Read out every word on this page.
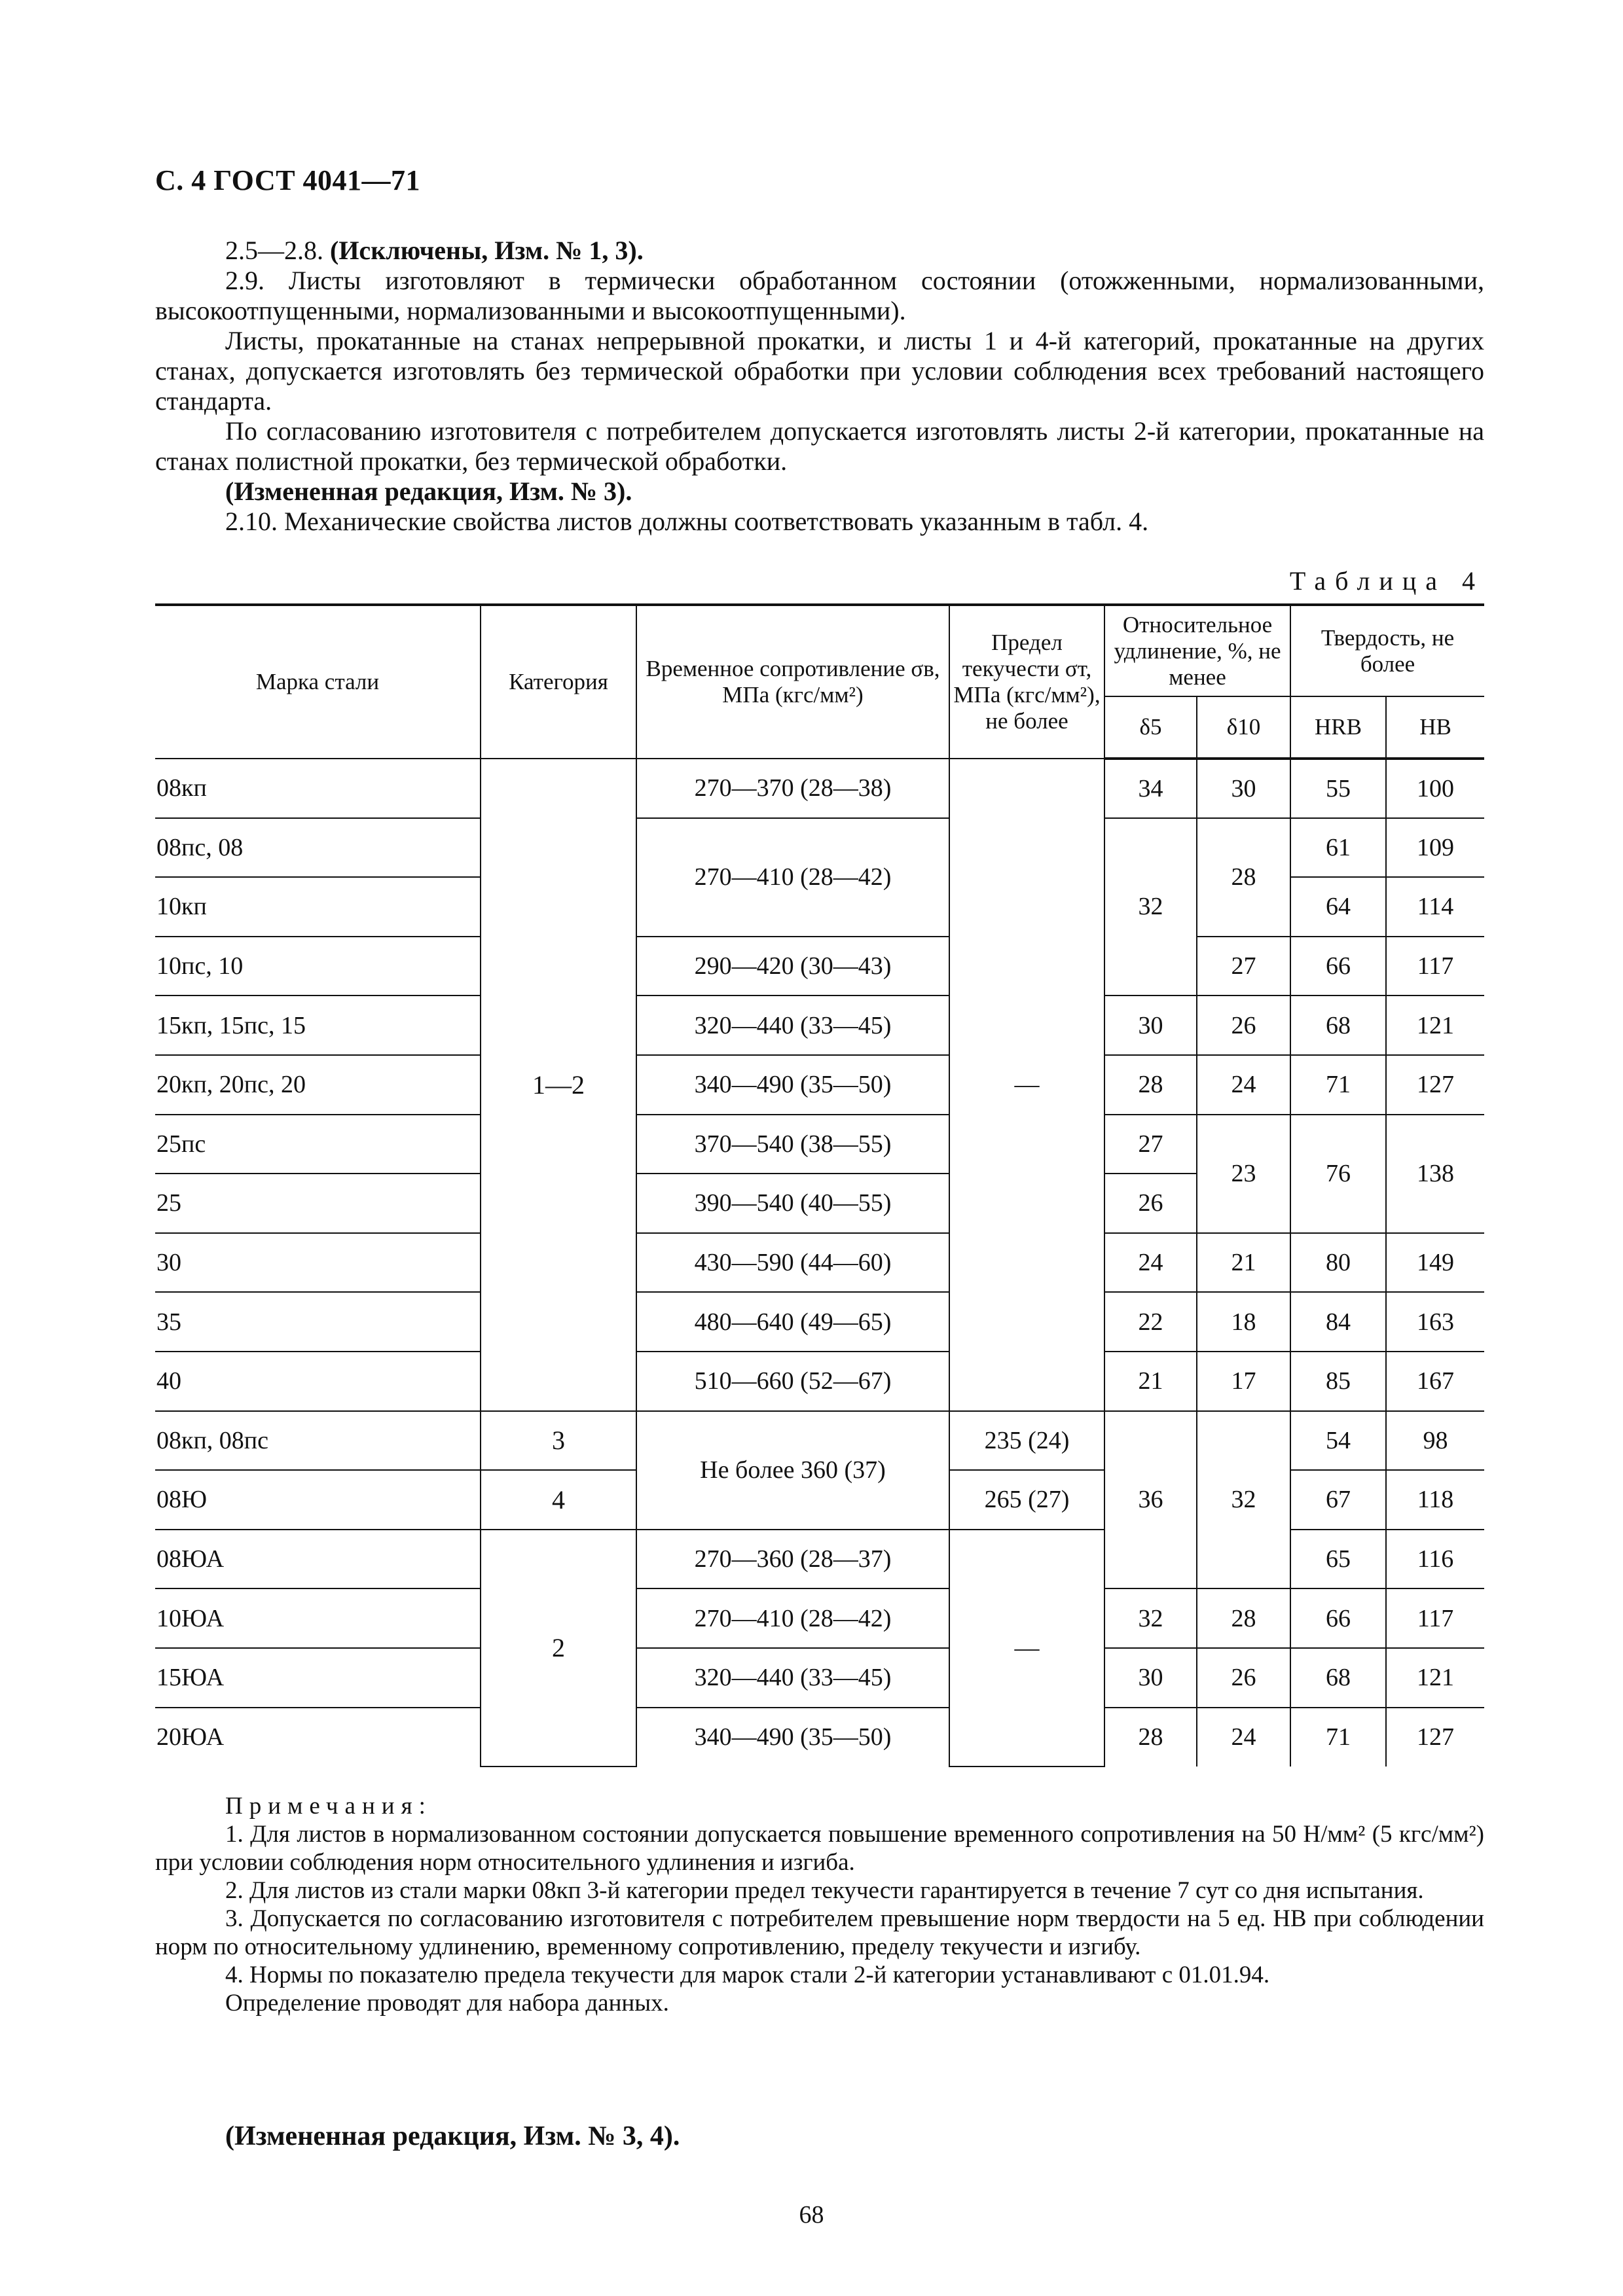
С. 4 ГОСТ 4041—71

2.5—2.8. (Исключены, Изм. № 1, 3).

2.9. Листы изготовляют в термически обработанном состоянии (отожженными, нормализованными, высокоотпущенными, нормализованными и высокоотпущенными).

Листы, прокатанные на станах непрерывной прокатки, и листы 1 и 4-й категорий, прокатанные на других станах, допускается изготовлять без термической обработки при условии соблюдения всех требований настоящего стандарта.

По согласованию изготовителя с потребителем допускается изготовлять листы 2-й категории, прокатанные на станах полистной прокатки, без термической обработки.

(Измененная редакция, Изм. № 3).

2.10. Механические свойства листов должны соответствовать указанным в табл. 4.

Таблица 4
Марка стали	Категория	Временное сопротивление σв, МПа (кгс/мм²)	Предел текучести σт, МПа (кгс/мм²), не более	Относительное удлинение, %, не менее		Твердость, не более	
				δ5	δ10	HRB	HB
08кп	1—2	270—370 (28—38)	—	34	30	55	100
08пс, 08		270—410 (28—42)		32	28	61	109
10кп						64	114
10пс, 10		290—420 (30—43)			27	66	117
15кп, 15пс, 15		320—440 (33—45)		30	26	68	121
20кп, 20пс, 20		340—490 (35—50)		28	24	71	127
25пс		370—540 (38—55)		27	23	76	138
25		390—540 (40—55)		26			
30		430—590 (44—60)		24	21	80	149
35		480—640 (49—65)		22	18	84	163
40		510—660 (52—67)		21	17	85	167
08кп, 08пс	3	Не более 360 (37)	235 (24)	36	32	54	98
08Ю	4		265 (27)			67	118
08ЮА	2	270—360 (28—37)	—			65	116
10ЮА		270—410 (28—42)		32	28	66	117
15ЮА		320—440 (33—45)		30	26	68	121
20ЮА		340—490 (35—50)		28	24	71	127
Примечания:

1. Для листов в нормализованном состоянии допускается повышение временного сопротивления на 50 Н/мм² (5 кгс/мм²) при условии соблюдения норм относительного удлинения и изгиба.

2. Для листов из стали марки 08кп 3-й категории предел текучести гарантируется в течение 7 сут со дня испытания.

3. Допускается по согласованию изготовителя с потребителем превышение норм твердости на 5 ед. НВ при соблюдении норм по относительному удлинению, временному сопротивлению, пределу текучести и изгибу.

4. Нормы по показателю предела текучести для марок стали 2-й категории устанавливают с 01.01.94.

Определение проводят для набора данных.

(Измененная редакция, Изм. № 3, 4).
68
